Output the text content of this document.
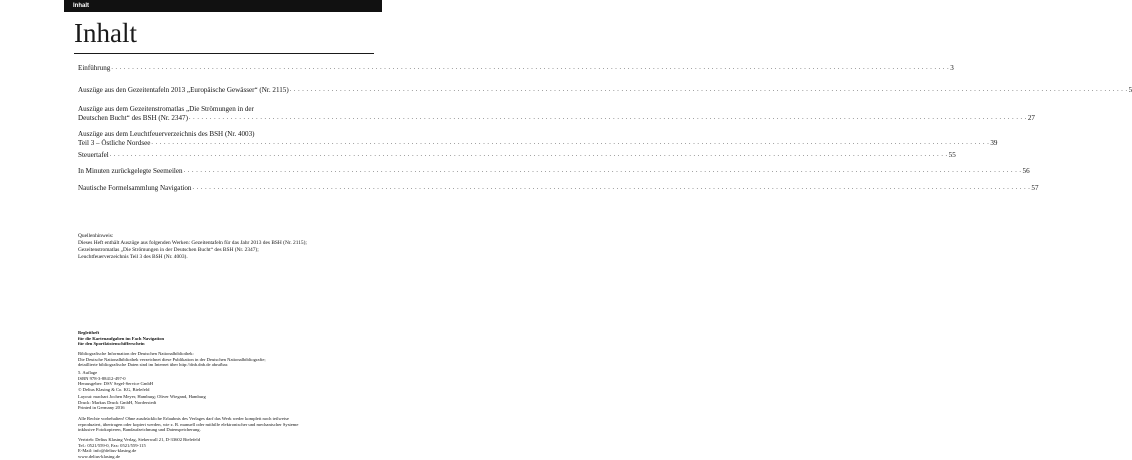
Inhalt
Inhalt
Einführung . . . . . . . . . . . . . . . . . . . . . . . . . . . . . . . . . . . . . . . . . . . . . . . . . . . . . . . . . . . . . . . . . . . . . . . . . . . . . . . . . . . . . . . . . . . . . . . . . . . . . . . . . . . . . . . . . . . . . . . . . . . . . . . . . . . . . . . . . . . . . . . . . . . . . . . . . . . . . . . . . . . . . . . . . . . . . . . . . . . . . . . . . . . . . . . . . . . . . . . . 3
Auszüge aus den Gezeitentafeln 2013 „Europäische Gewässer“ (Nr. 2115) . . . . . . . . . . . . . . . . . . . . . . . . . . . . . . . . . . . . . . . . . . . . . . . . . . . . . . . . . . . . . . . . . . . . . . . . . . . . . . . . . . . . . . . . . . . . . . . . . . . . . . . . . . . . . . . . . . . . . . . . . . . . . . . . . . . . . . . . . . . . . . . . . . . . . . . . . . . . . . . . . . . . . . . . . . . . . . . . . . . . . . . . . . . . . . . . . . . . . . . . 5
Auszüge aus dem Gezeitenstromatlas „Die Strömungen in der
Deutschen Bucht“ des BSH (Nr. 2347) . . . . . . . . . . . . . . . . . . . . . . . . . . . . . . . . . . . . . . . . . . . . . . . . . . . . . . . . . . . . . . . . . . . . . . . . . . . . . . . . . . . . . . . . . . . . . . . . . . . . . . . . . . . . . . . . . . . . . . . . . . . . . . . . . . . . . . . . . . . . . . . . . . . . . . . . . . . . . . . . . . . . . . . . . . . . . . . . . . . . . . . . . . . . . . . . . . . . . . . . 27
Auszüge aus dem Leuchtfeuerverzeichnis des BSH (Nr. 4003)
Teil 3 – Östliche Nordsee . . . . . . . . . . . . . . . . . . . . . . . . . . . . . . . . . . . . . . . . . . . . . . . . . . . . . . . . . . . . . . . . . . . . . . . . . . . . . . . . . . . . . . . . . . . . . . . . . . . . . . . . . . . . . . . . . . . . . . . . . . . . . . . . . . . . . . . . . . . . . . . . . . . . . . . . . . . . . . . . . . . . . . . . . . . . . . . . . . . . . . . . . . . . . . . . . . . . . . . . 39
Steuertafel . . . . . . . . . . . . . . . . . . . . . . . . . . . . . . . . . . . . . . . . . . . . . . . . . . . . . . . . . . . . . . . . . . . . . . . . . . . . . . . . . . . . . . . . . . . . . . . . . . . . . . . . . . . . . . . . . . . . . . . . . . . . . . . . . . . . . . . . . . . . . . . . . . . . . . . . . . . . . . . . . . . . . . . . . . . . . . . . . . . . . . . . . . . . . . . . . . . . . . . . 55
In Minuten zurückgelegte Seemeilen . . . . . . . . . . . . . . . . . . . . . . . . . . . . . . . . . . . . . . . . . . . . . . . . . . . . . . . . . . . . . . . . . . . . . . . . . . . . . . . . . . . . . . . . . . . . . . . . . . . . . . . . . . . . . . . . . . . . . . . . . . . . . . . . . . . . . . . . . . . . . . . . . . . . . . . . . . . . . . . . . . . . . . . . . . . . . . . . . . . . . . . . . . . . . . . . . . . . . . . . 56
Nautische Formelsammlung Navigation . . . . . . . . . . . . . . . . . . . . . . . . . . . . . . . . . . . . . . . . . . . . . . . . . . . . . . . . . . . . . . . . . . . . . . . . . . . . . . . . . . . . . . . . . . . . . . . . . . . . . . . . . . . . . . . . . . . . . . . . . . . . . . . . . . . . . . . . . . . . . . . . . . . . . . . . . . . . . . . . . . . . . . . . . . . . . . . . . . . . . . . . . . . . . . . . . . . . . . . . 57
Quellenhinweis:
Dieses Heft enthält Auszüge aus folgenden Werken: Gezeitentafeln für das Jahr 2013 des BSH (Nr. 2115);
Gezeitenstromatlas „Die Strömungen in der Deutschen Bucht“ des BSH (Nr. 2347);
Leuchtfeuerverzeichnis Teil 3 des BSH (Nr. 4003).
Begleitheft
für die Kartenaufgaben im Fach Navigation
für den Sportküstenschifferschein
Bibliografische Information der Deutschen Nationalbibliothek:
Die Deutsche Nationalbibliothek verzeichnet diese Publikation in der Deutschen Nationalbibliografie;
detaillierte bibliografische Daten sind im Internet über http://dnb.dnb.de abrufbar.
5. Auflage
ISBN 978-3-88412-497-0
Herausgeber: DSV Segel-Service GmbH
© Delius Klasing & Co. KG, Bielefeld
Layout: machart Jochen Meyer, Hamburg; Oliver Wiegand, Hamburg
Druck: Markus Druck GmbH, Norderstedt
Printed in Germany 2016
Alle Rechte vorbehalten! Ohne ausdrückliche Erlaubnis des Verlages darf das Werk weder komplett noch teilweise
reproduziert, übertragen oder kopiert werden, wie z. B. manuell oder mithilfe elektronischer und mechanischer Systeme
inklusive Fotokopieren, Bandaufzeichnung und Datenspeicherung.
Vertrieb: Delius Klasing Verlag, Siekerwall 21, D-33602 Bielefeld
Tel.: 0521/559-0, Fax: 0521/559-115
E-Mail: info@delius-klasing.de
www.delius-klasing.de
